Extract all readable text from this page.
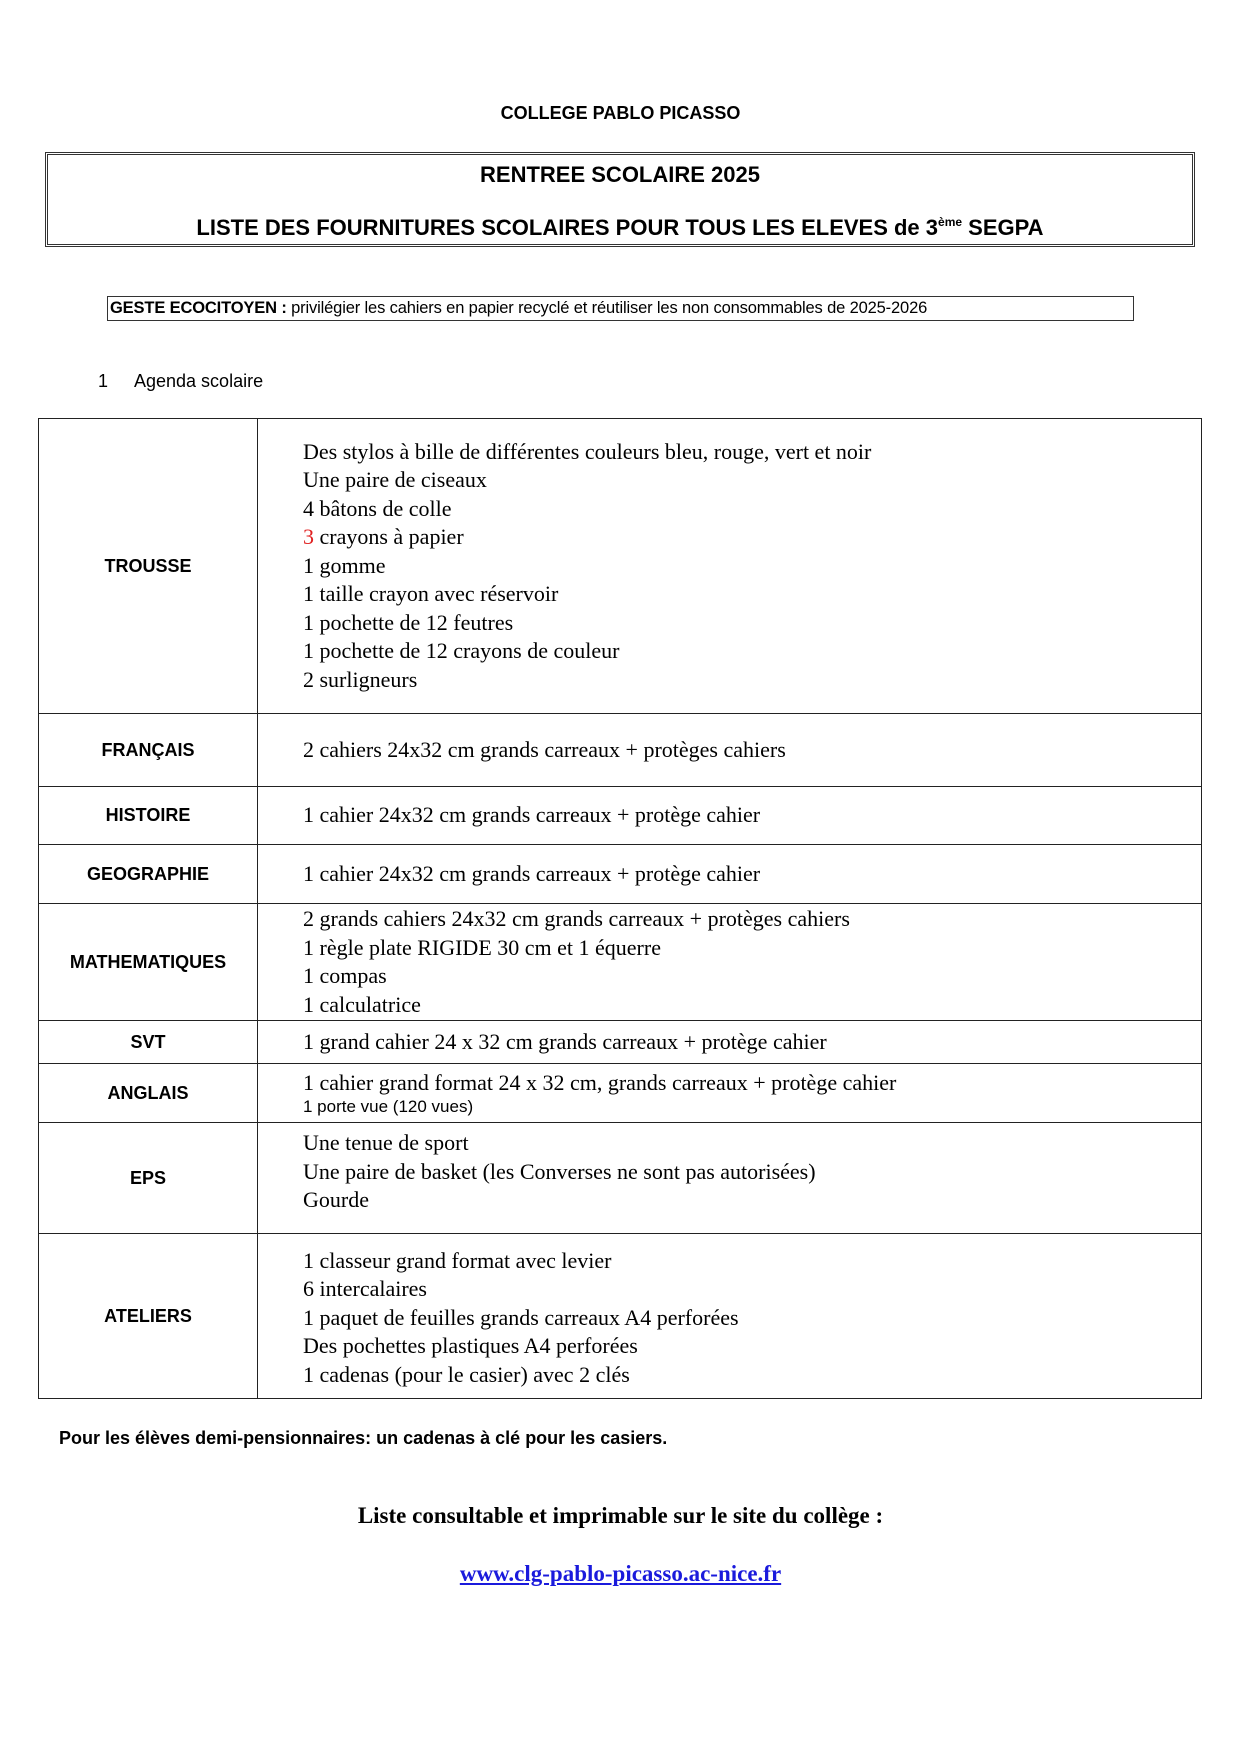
COLLEGE PABLO PICASSO
RENTREE SCOLAIRE 2025
LISTE DES FOURNITURES SCOLAIRES POUR TOUS LES ELEVES de 3ème SEGPA
GESTE ECOCITOYEN : privilégier les cahiers en papier recyclé et réutiliser les non consommables de 2025-2026
1 Agenda scolaire
TROUSSE	
Des stylos à bille de différentes couleurs bleu, rouge, vert et noir
Une paire de ciseaux
4 bâtons de colle
3 crayons à papier
1 gomme
1 taille crayon avec réservoir
1 pochette de 12 feutres
1 pochette de 12 crayons de couleur
2 surligneurs

FRANÇAIS	2 cahiers 24x32 cm grands carreaux + protèges cahiers

HISTOIRE	1 cahier 24x32 cm grands carreaux + protège cahier

GEOGRAPHIE	1 cahier 24x32 cm grands carreaux + protège cahier

MATHEMATIQUES	2 grands cahiers 24x32 cm grands carreaux + protèges cahiers
1 règle plate RIGIDE 30 cm et 1 équerre
1 compas
1 calculatrice

SVT	1 grand cahier 24 x 32 cm grands carreaux + protège cahier

ANGLAIS	1 cahier grand format 24 x 32 cm, grands carreaux + protège cahier
1 porte vue (120 vues)

EPS	Une tenue de sport
Une paire de basket (les Converses ne sont pas autorisées)
Gourde

ATELIERS	1 classeur grand format avec levier
6 intercalaires
1 paquet de feuilles grands carreaux A4 perforées
Des pochettes plastiques A4 perforées
1 cadenas (pour le casier) avec 2 clés
Pour les élèves demi-pensionnaires: un cadenas à clé pour les casiers.
Liste consultable et imprimable sur le site du collège :
www.clg-pablo-picasso.ac-nice.fr
